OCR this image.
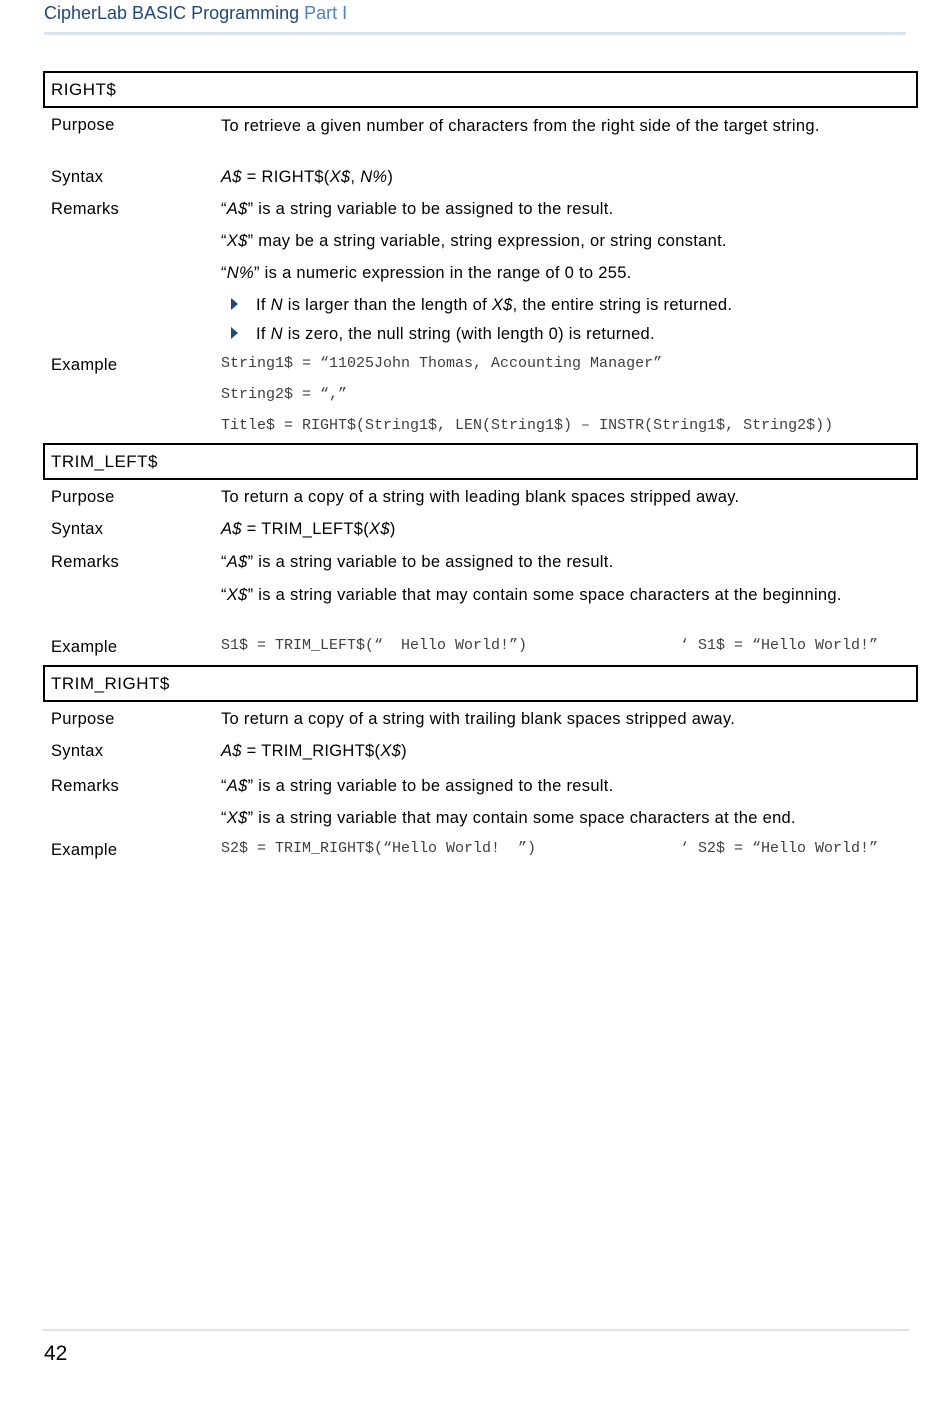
CipherLab BASIC Programming Part I
RIGHT$
Purpose	To retrieve a given number of characters from the right side of the target string.
Syntax	A$ = RIGHT$(X$, N%)
Remarks	“A$” is a string variable to be assigned to the result.
“X$” may be a string variable, string expression, or string constant.
“N%” is a numeric expression in the range of 0 to 255.
If N is larger than the length of X$, the entire string is returned.
If N is zero, the null string (with length 0) is returned.
Example	String1$ = “11025John Thomas, Accounting Manager”
String2$ = “,”
Title$ = RIGHT$(String1$, LEN(String1$) – INSTR(String1$, String2$))
TRIM_LEFT$
Purpose	To return a copy of a string with leading blank spaces stripped away.
Syntax	A$ = TRIM_LEFT$(X$)
Remarks	“A$” is a string variable to be assigned to the result.
“X$” is a string variable that may contain some space characters at the beginning.
Example	S1$ = TRIM_LEFT$(“  Hello World!”)	‘ S1$ = “Hello World!”
TRIM_RIGHT$
Purpose	To return a copy of a string with trailing blank spaces stripped away.
Syntax	A$ = TRIM_RIGHT$(X$)
Remarks	“A$” is a string variable to be assigned to the result.
“X$” is a string variable that may contain some space characters at the end.
Example	S2$ = TRIM_RIGHT$(“Hello World!  ”)	‘ S2$ = “Hello World!”
42
